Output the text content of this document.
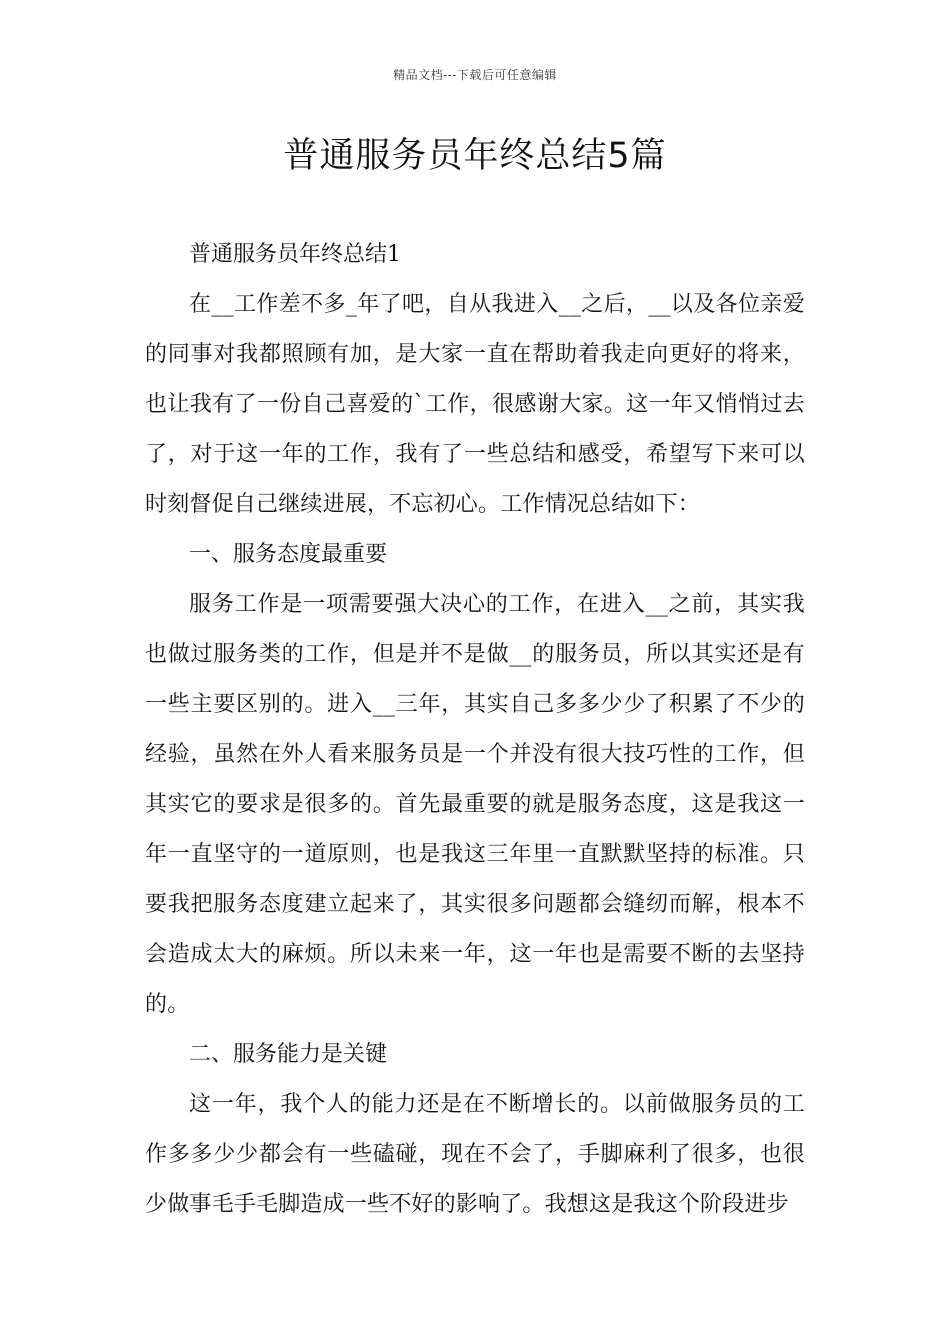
精品文档---下载后可任意编辑
普通服务员年终总结5篇

普通服务员年终总结1

在__工作差不多_年了吧，自从我进入__之后，__以及各位亲爱的同事对我都照顾有加，是大家一直在帮助着我走向更好的将来，也让我有了一份自己喜爱的`工作，很感谢大家。这一年又悄悄过去了，对于这一年的工作，我有了一些总结和感受，希望写下来可以时刻督促自己继续进展，不忘初心。工作情况总结如下：

一、服务态度最重要

服务工作是一项需要强大决心的工作，在进入__之前，其实我也做过服务类的工作，但是并不是做__的服务员，所以其实还是有一些主要区别的。进入__三年，其实自己多多少少了积累了不少的经验，虽然在外人看来服务员是一个并没有很大技巧性的工作，但其实它的要求是很多的。首先最重要的就是服务态度，这是我这一年一直坚守的一道原则，也是我这三年里一直默默坚持的标准。只要我把服务态度建立起来了，其实很多问题都会缝纫而解，根本不会造成太大的麻烦。所以未来一年，这一年也是需要不断的去坚持的。

二、服务能力是关键

这一年，我个人的能力还是在不断增长的。以前做服务员的工作多多少少都会有一些磕碰，现在不会了，手脚麻利了很多，也很少做事毛手毛脚造成一些不好的影响了。我想这是我这个阶段进步
